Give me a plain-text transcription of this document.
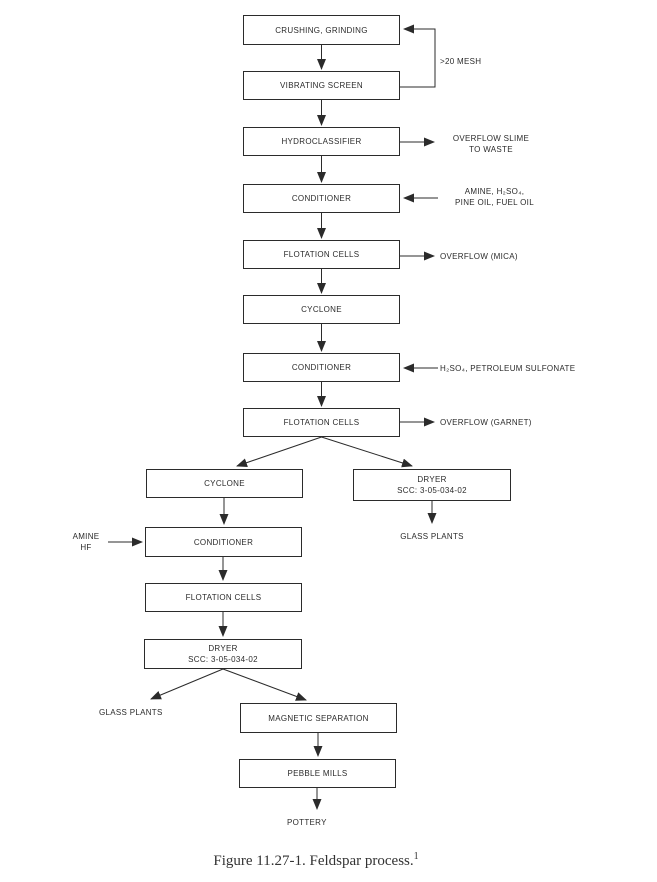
CRUSHING, GRINDING
VIBRATING SCREEN
HYDROCLASSIFIER
CONDITIONER
FLOTATION CELLS
CYCLONE
CONDITIONER
FLOTATION CELLS
CYCLONE	DRYER
SCC: 3-05-034-02
CONDITIONER
FLOTATION CELLS
DRYER
SCC: 3-05-034-02
MAGNETIC SEPARATION
PEBBLE MILLS
>20 MESH
OVERFLOW SLIME
TO WASTE
AMINE, H₂SO₄,
PINE OIL, FUEL OIL
OVERFLOW (MICA)
H₂SO₄, PETROLEUM SULFONATE
OVERFLOW (GARNET)
GLASS PLANTS
AMINE
HF
GLASS PLANTS
POTTERY
Figure 11.27-1. Feldspar process.$^1$
